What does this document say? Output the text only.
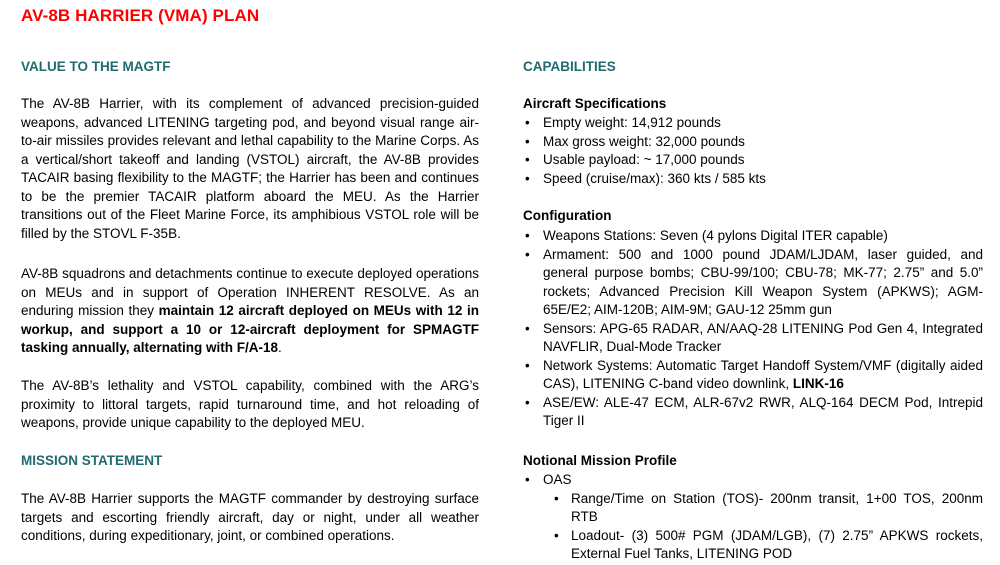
AV-8B HARRIER (VMA) PLAN
VALUE TO THE MAGTF
The AV-8B Harrier, with its complement of advanced precision-guided weapons, advanced LITENING targeting pod, and beyond visual range air-to-air missiles provides relevant and lethal capability to the Marine Corps. As a vertical/short takeoff and landing (VSTOL) aircraft, the AV-8B provides TACAIR basing flexibility to the MAGTF; the Harrier has been and continues to be the premier TACAIR platform aboard the MEU. As the Harrier transitions out of the Fleet Marine Force, its amphibious VSTOL role will be filled by the STOVL F-35B.
AV-8B squadrons and detachments continue to execute deployed operations on MEUs and in support of Operation INHERENT RESOLVE. As an enduring mission they maintain 12 aircraft deployed on MEUs with 12 in workup, and support a 10 or 12-aircraft deployment for SPMAGTF tasking annually, alternating with F/A-18.
The AV-8B’s lethality and VSTOL capability, combined with the ARG’s proximity to littoral targets, rapid turnaround time, and hot reloading of weapons, provide unique capability to the deployed MEU.
MISSION STATEMENT
The AV-8B Harrier supports the MAGTF commander by destroying surface targets and escorting friendly aircraft, day or night, under all weather conditions, during expeditionary, joint, or combined operations.
CAPABILITIES
Aircraft Specifications
• Empty weight: 14,912 pounds
• Max gross weight: 32,000 pounds
• Usable payload: ~ 17,000 pounds
• Speed (cruise/max): 360 kts / 585 kts
Configuration
• Weapons Stations: Seven (4 pylons Digital ITER capable)
• Armament: 500 and 1000 pound JDAM/LJDAM, laser guided, and general purpose bombs; CBU-99/100; CBU-78; MK-77; 2.75” and 5.0” rockets; Advanced Precision Kill Weapon System (APKWS); AGM-65E/E2; AIM-120B; AIM-9M; GAU-12 25mm gun
• Sensors: APG-65 RADAR, AN/AAQ-28 LITENING Pod Gen 4, Integrated NAVFLIR, Dual-Mode Tracker
• Network Systems: Automatic Target Handoff System/VMF (digitally aided CAS), LITENING C-band video downlink, LINK-16
• ASE/EW: ALE-47 ECM, ALR-67v2 RWR, ALQ-164 DECM Pod, Intrepid Tiger II
Notional Mission Profile
• OAS
• Range/Time on Station (TOS)- 200nm transit, 1+00 TOS, 200nm RTB
• Loadout- (3) 500# PGM (JDAM/LGB), (7) 2.75” APKWS rockets, External Fuel Tanks, LITENING POD
